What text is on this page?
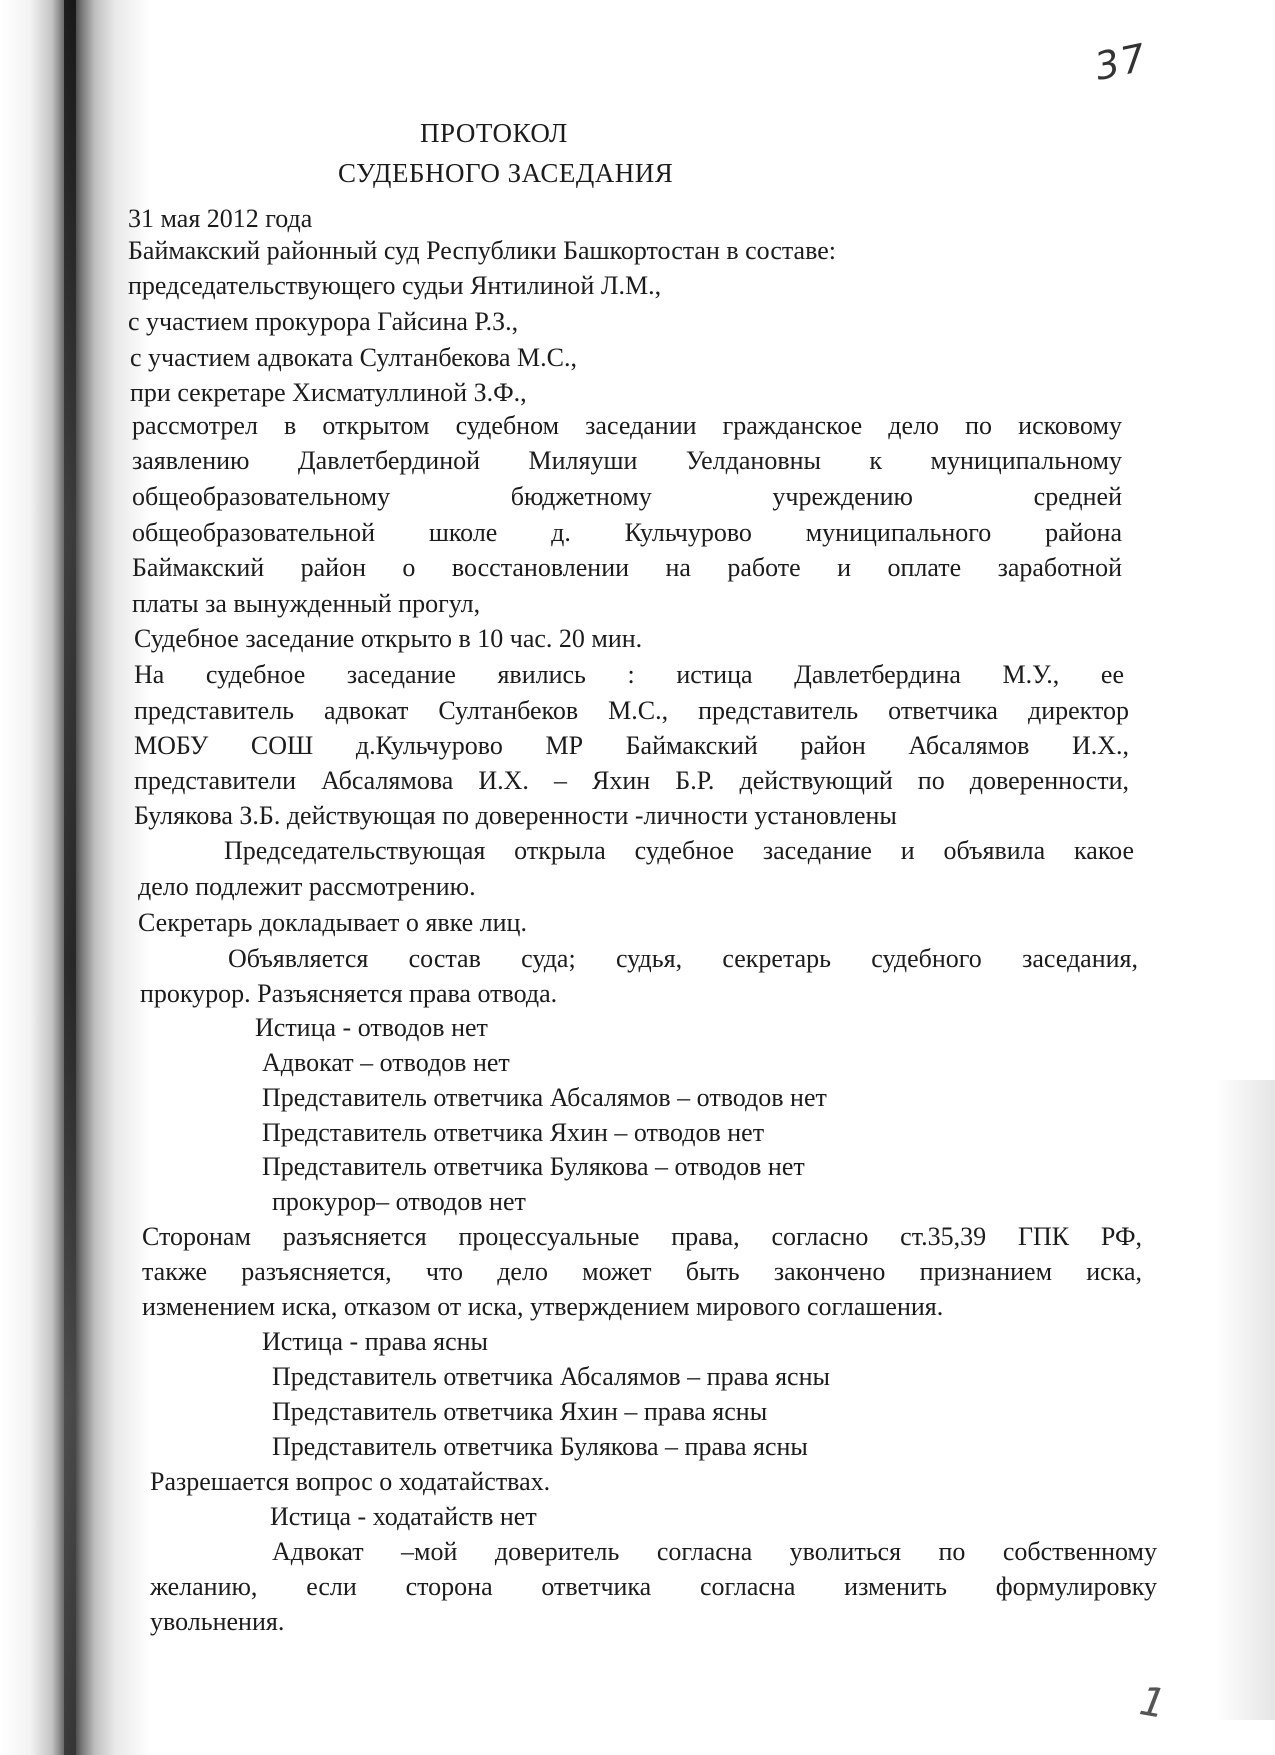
37
ПРОТОКОЛ
СУДЕБНОГО ЗАСЕДАНИЯ
31 мая 2012 года
Баймакский районный суд Республики Башкортостан в составе:
председательствующего судьи Янтилиной Л.М.,
с участием прокурора Гайсина Р.З.,
с участием адвоката Султанбекова М.С.,
при секретаре Хисматуллиной З.Ф.,
рассмотрел в открытом судебном заседании гражданское дело по исковому
заявлению Давлетбердиной Миляуши Уелдановны к муниципальному
общеобразовательному бюджетному учреждению средней
общеобразовательной школе д. Кульчурово муниципального района
Баймакский район о восстановлении на работе и оплате заработной
платы за вынужденный прогул,
Судебное заседание открыто в 10 час. 20 мин.
На судебное заседание явились : истица Давлетбердина М.У., ее
представитель адвокат Султанбеков М.С., представитель ответчика директор
МОБУ СОШ д.Кульчурово МР Баймакский район Абсалямов И.Х.,
представители Абсалямова И.Х. – Яхин Б.Р. действующий по доверенности,
Булякова З.Б. действующая по доверенности -личности установлены
Председательствующая открыла судебное заседание и объявила какое
дело подлежит рассмотрению.
Секретарь докладывает о явке лиц.
Объявляется состав суда; судья, секретарь судебного заседания,
прокурор. Разъясняется права отвода.
Истица - отводов нет
Адвокат – отводов нет
Представитель ответчика Абсалямов – отводов нет
Представитель ответчика Яхин – отводов нет
Представитель ответчика Булякова – отводов нет
прокурор– отводов нет
Сторонам разъясняется процессуальные права, согласно ст.35,39 ГПК РФ,
также разъясняется, что дело может быть закончено признанием иска,
изменением иска, отказом от иска, утверждением мирового соглашения.
Истица - права ясны
Представитель ответчика Абсалямов – права ясны
Представитель ответчика Яхин – права ясны
Представитель ответчика Булякова – права ясны
Разрешается вопрос о ходатайствах.
Истица - ходатайств нет
Адвокат –мой доверитель согласна уволиться по собственному
желанию, если сторона ответчика согласна изменить формулировку
увольнения.
1
